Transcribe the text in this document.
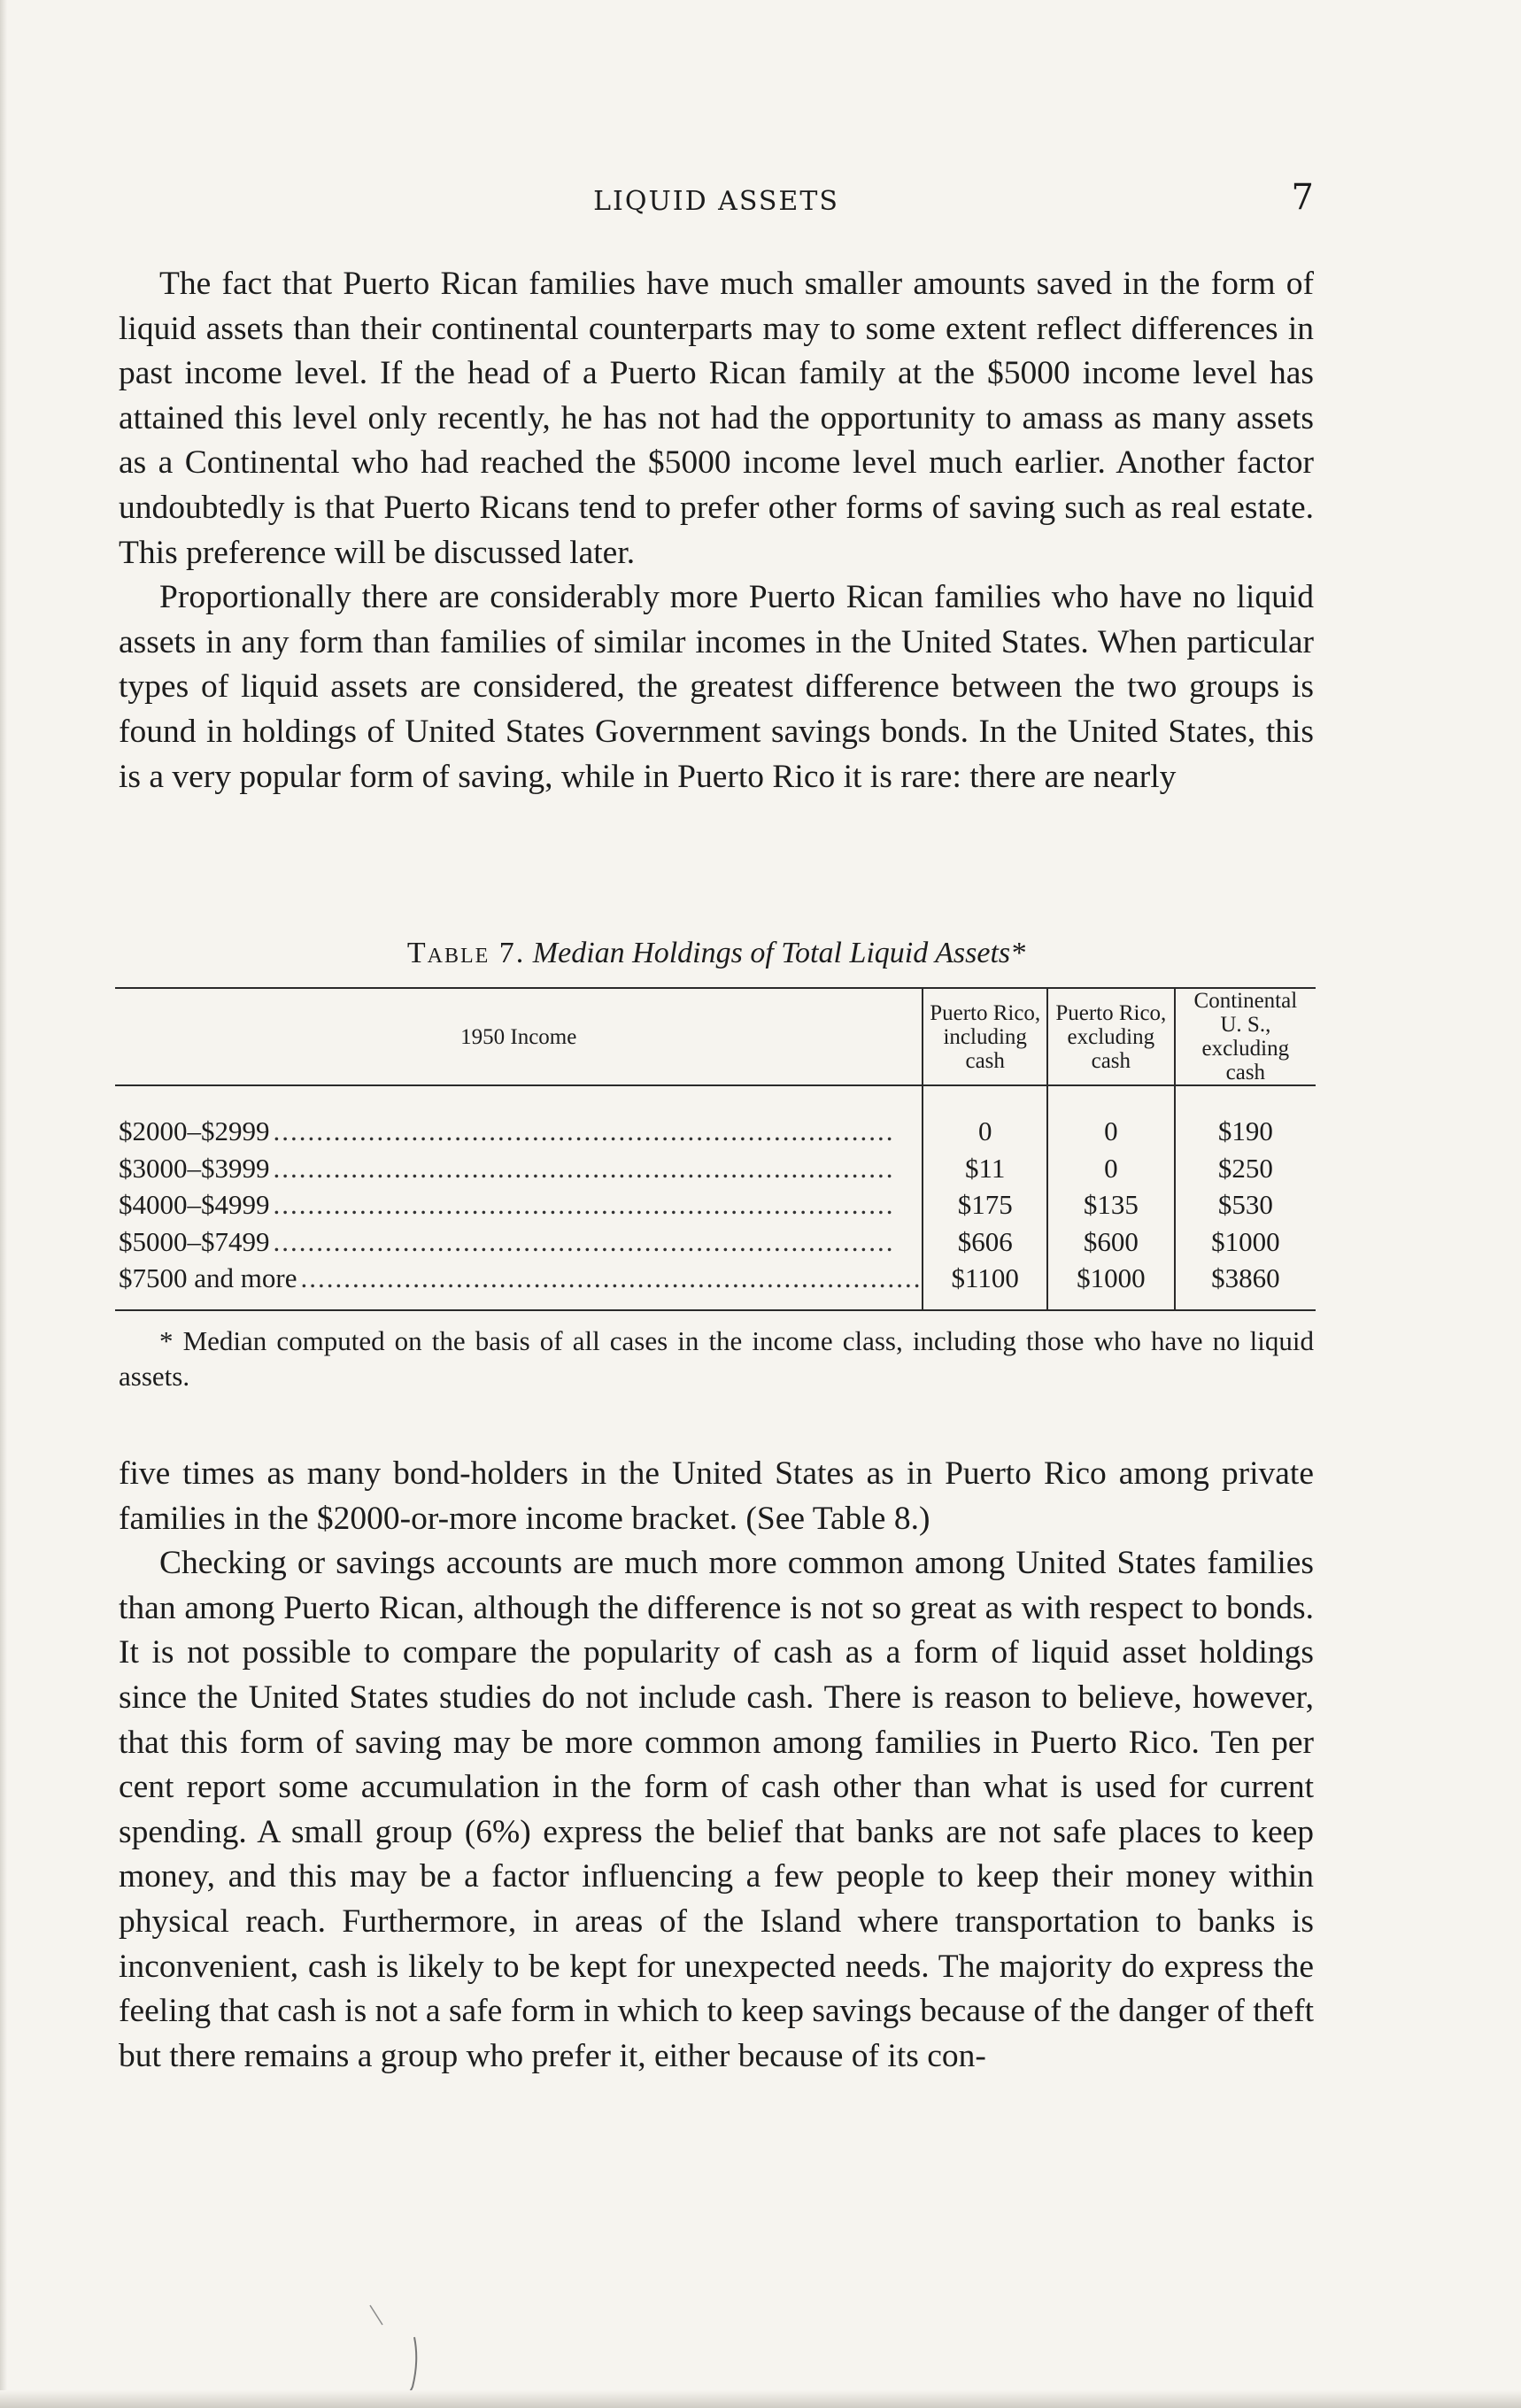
LIQUID ASSETS	7

The fact that Puerto Rican families have much smaller amounts saved in the form of liquid assets than their continental counterparts may to some extent reflect differences in past income level. If the head of a Puerto Rican family at the $5000 income level has attained this level only recently, he has not had the opportunity to amass as many assets as a Continental who had reached the $5000 income level much earlier. Another factor undoubtedly is that Puerto Ricans tend to prefer other forms of saving such as real estate. This preference will be discussed later.

Proportionally there are considerably more Puerto Rican families who have no liquid assets in any form than families of similar incomes in the United States. When particular types of liquid assets are considered, the greatest difference between the two groups is found in holdings of United States Government savings bonds. In the United States, this is a very popular form of saving, while in Puerto Rico it is rare: there are nearly

Table 7. Median Holdings of Total Liquid Assets*
1950 Income	Puerto Rico, including cash	Puerto Rico, excluding cash	Continental U. S., excluding cash
$2000–$2999 ........................................................................	0	0	$190
$3000–$3999 ........................................................................	$11	0	$250
$4000–$4999 ........................................................................	$175	$135	$530
$5000–$7499 ........................................................................	$606	$600	$1000
$7500 and more ........................................................................	$1100	$1000	$3860

* Median computed on the basis of all cases in the income class, including those who have no liquid assets.

five times as many bond-holders in the United States as in Puerto Rico among private families in the $2000-or-more income bracket. (See Table 8.)

Checking or savings accounts are much more common among United States families than among Puerto Rican, although the difference is not so great as with respect to bonds. It is not possible to compare the popularity of cash as a form of liquid asset holdings since the United States studies do not include cash. There is reason to believe, however, that this form of saving may be more common among families in Puerto Rico. Ten per cent report some accumulation in the form of cash other than what is used for current spending. A small group (6%) express the belief that banks are not safe places to keep money, and this may be a factor influencing a few people to keep their money within physical reach. Furthermore, in areas of the Island where transportation to banks is inconvenient, cash is likely to be kept for unexpected needs. The majority do express the feeling that cash is not a safe form in which to keep savings because of the danger of theft but there remains a group who prefer it, either because of its con-
